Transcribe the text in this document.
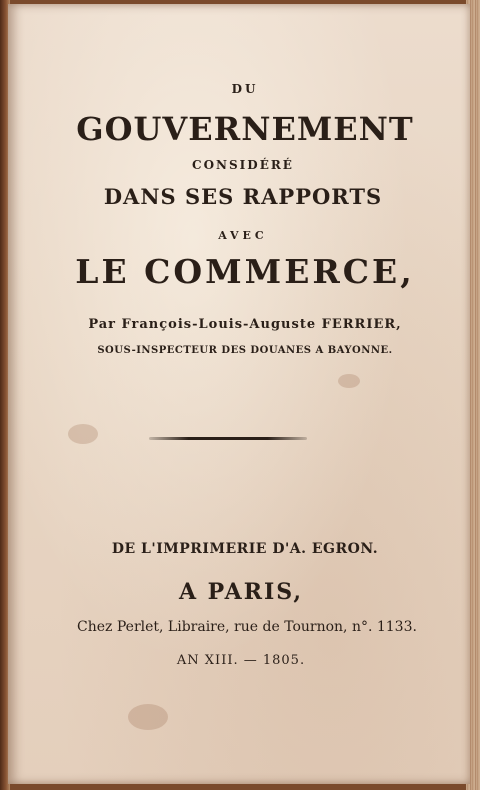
DU
GOUVERNEMENT
CONSIDÉRÉ
DANS SES RAPPORTS
AVEC
LE COMMERCE,
Par François-Louis-Auguste FERRIER,
SOUS-INSPECTEUR DES DOUANES A BAYONNE.
DE L'IMPRIMERIE D'A. EGRON.
A PARIS,
Chez Perlet, Libraire, rue de Tournon, n°. 1133.
AN XIII. — 1805.
